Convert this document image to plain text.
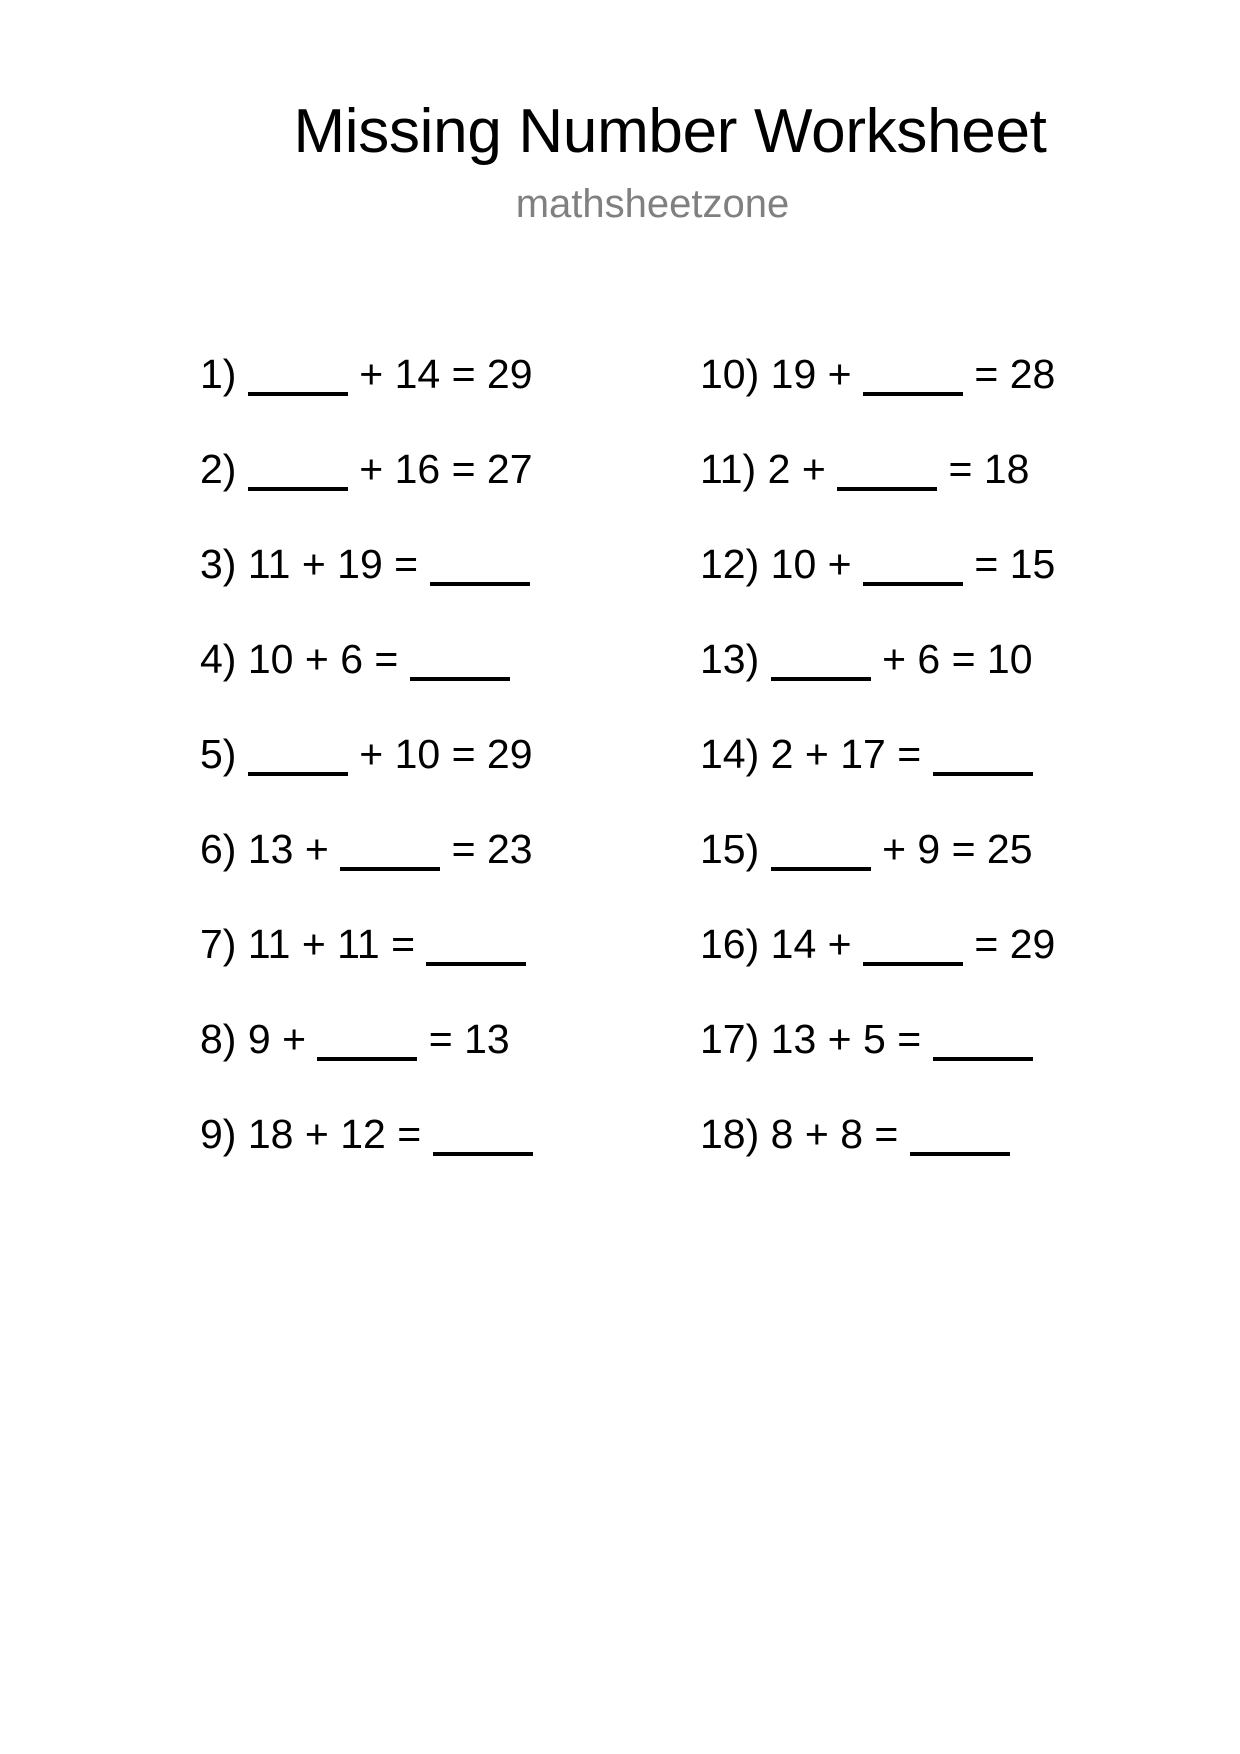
Missing Number Worksheet
mathsheetzone
1)	+ 14 = 29
2)	+ 16 = 27
3) 11 + 19 =
4) 10 + 6 =
5)	+ 10 = 29
6) 13 +  = 23
7) 11 + 11 =
8) 9 +  = 13
9) 18 + 12 =
10) 19 +  = 28
11) 2 +  = 18
12) 10 +  = 15
13)	+ 6 = 10
14) 2 + 17 =
15)	+ 9 = 25
16) 14 +  = 29
17) 13 + 5 =
18) 8 + 8 =
